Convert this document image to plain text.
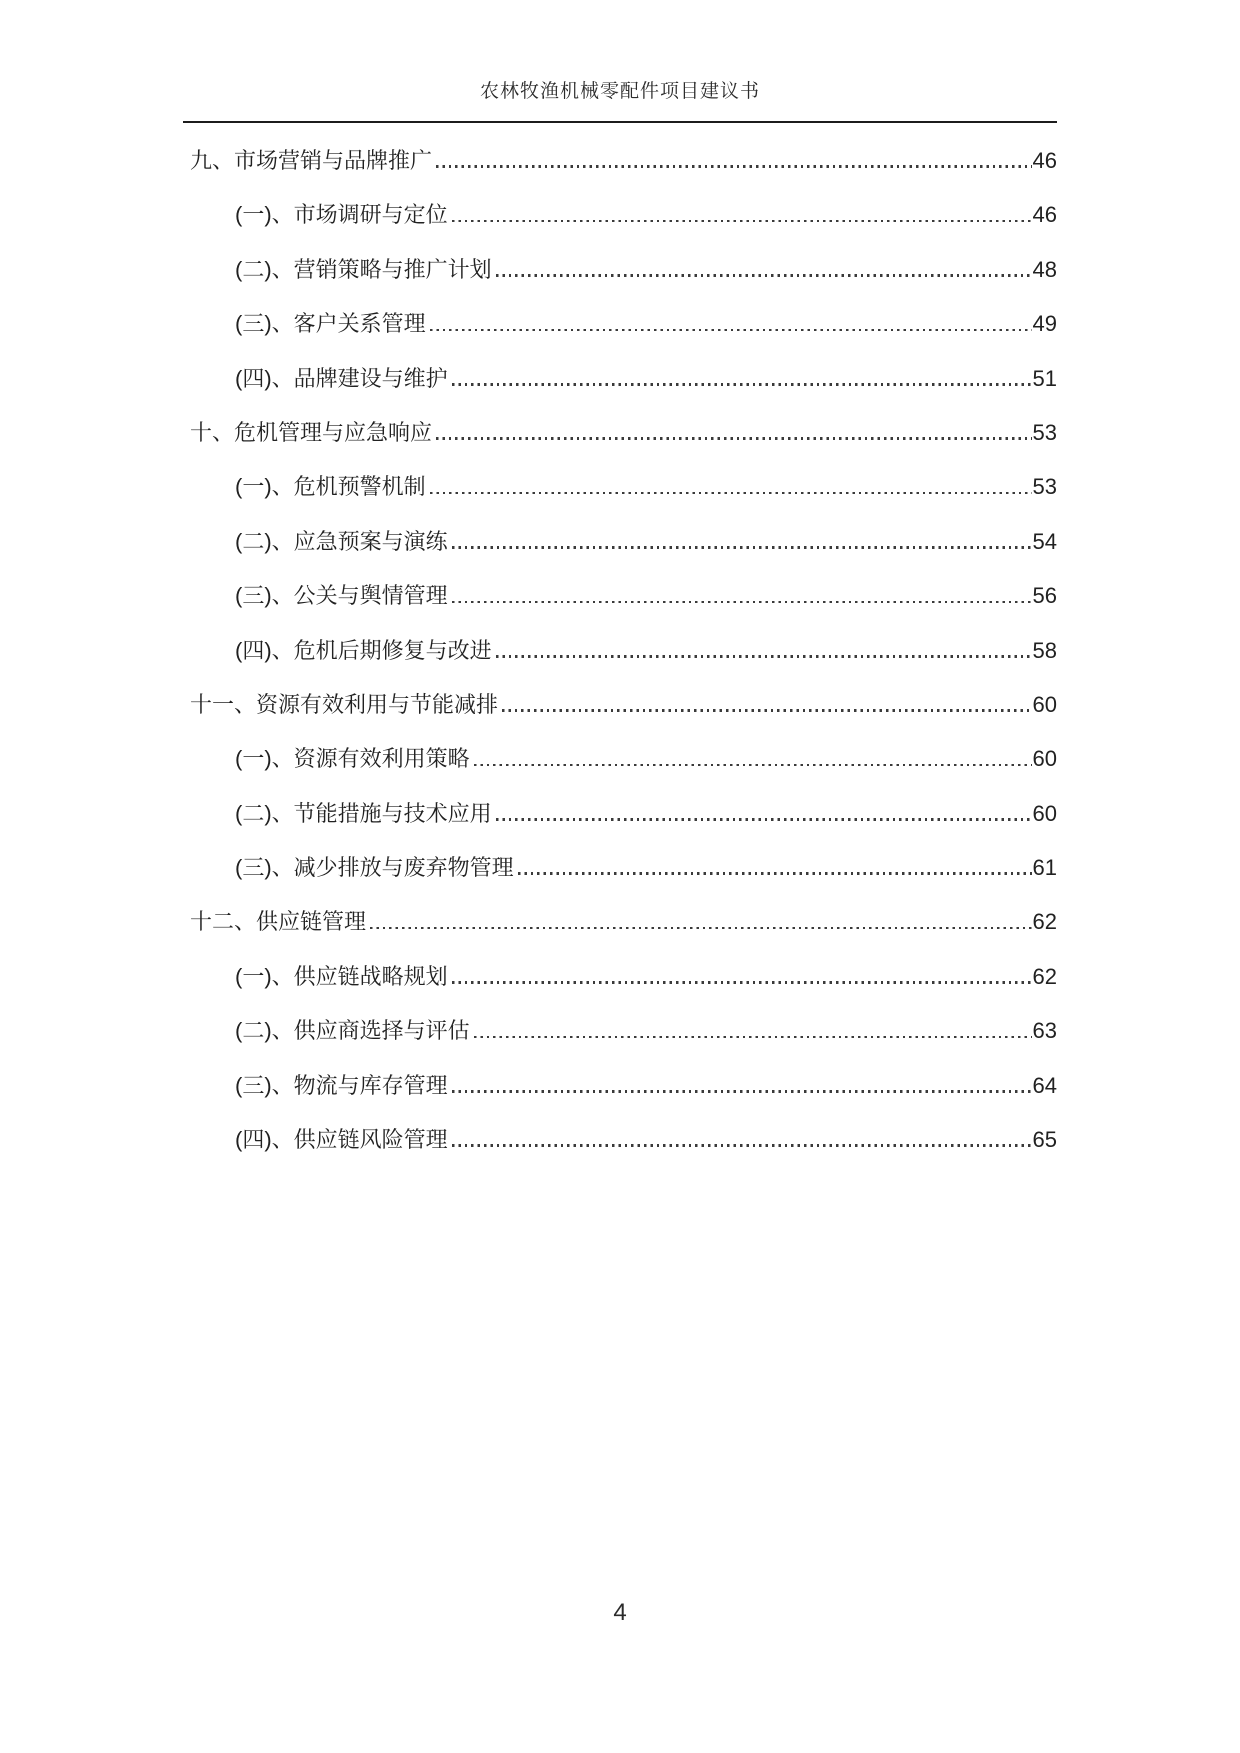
农林牧渔机械零配件项目建议书
九、市场营销与品牌推广	46
(一)、市场调研与定位	46
(二)、营销策略与推广计划	48
(三)、客户关系管理	49
(四)、品牌建设与维护	51
十、危机管理与应急响应	53
(一)、危机预警机制	53
(二)、应急预案与演练	54
(三)、公关与舆情管理	56
(四)、危机后期修复与改进	58
十一、资源有效利用与节能减排	60
(一)、资源有效利用策略	60
(二)、节能措施与技术应用	60
(三)、减少排放与废弃物管理	61
十二、供应链管理	62
(一)、供应链战略规划	62
(二)、供应商选择与评估	63
(三)、物流与库存管理	64
(四)、供应链风险管理	65
4
